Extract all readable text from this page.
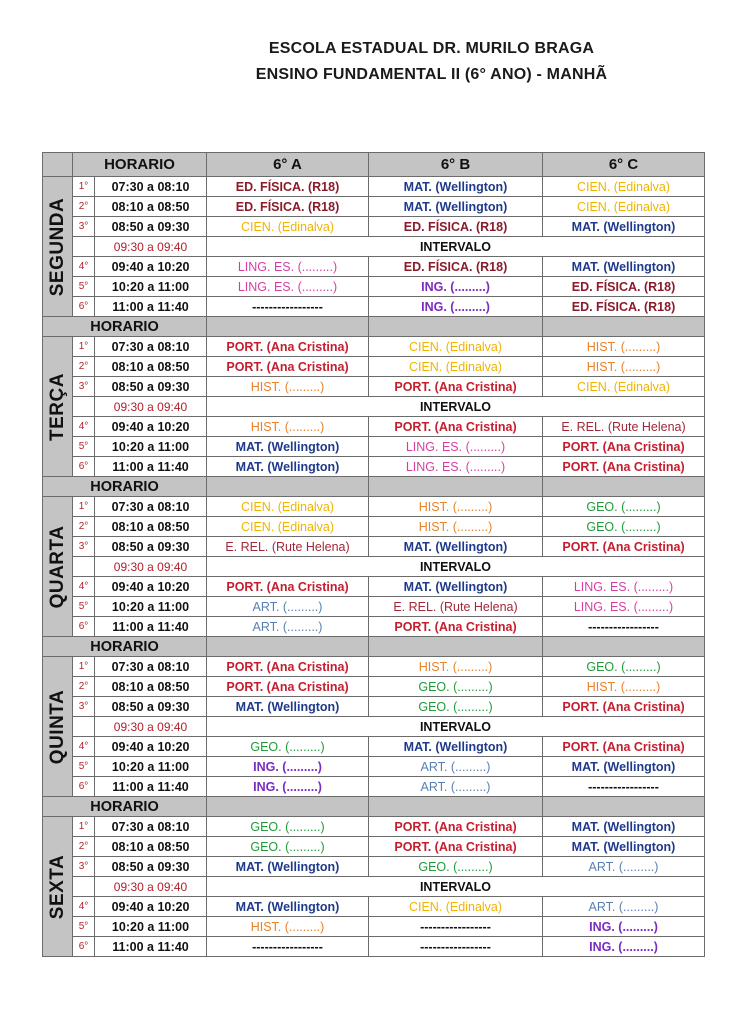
ESCOLA ESTADUAL DR. MURILO BRAGA
ENSINO FUNDAMENTAL II (6° ANO) - MANHÃ
	HORARIO		6° A	6° B	6° C

SEGUNDA	1°	07:30 a 08:10	ED. FÍSICA. (R18)	MAT. (Wellington)	CIEN. (Edinalva)
	2°	08:10 a 08:50	ED. FÍSICA. (R18)	MAT. (Wellington)	CIEN. (Edinalva)
	3°	08:50 a 09:30	CIEN. (Edinalva)	ED. FÍSICA. (R18)	MAT. (Wellington)
		09:30 a 09:40	INTERVALO		
	4°	09:40 a 10:20	LING. ES. (.........)	ED. FÍSICA. (R18)	MAT. (Wellington)
	5°	10:20 a 11:00	LING. ES. (.........)	ING. (.........)	ED. FÍSICA. (R18)
	6°	11:00 a 11:40	-----------------	ING. (.........)	ED. FÍSICA. (R18)
HORARIO					

TERÇA	1°	07:30 a 08:10	PORT. (Ana Cristina)	CIEN. (Edinalva)	HIST. (.........)
	2°	08:10 a 08:50	PORT. (Ana Cristina)	CIEN. (Edinalva)	HIST. (.........)
	3°	08:50 a 09:30	HIST. (.........)	PORT. (Ana Cristina)	CIEN. (Edinalva)
		09:30 a 09:40	INTERVALO		
	4°	09:40 a 10:20	HIST. (.........)	PORT. (Ana Cristina)	E. REL. (Rute Helena)
	5°	10:20 a 11:00	MAT. (Wellington)	LING. ES. (.........)	PORT. (Ana Cristina)
	6°	11:00 a 11:40	MAT. (Wellington)	LING. ES. (.........)	PORT. (Ana Cristina)
HORARIO					

QUARTA	1°	07:30 a 08:10	CIEN. (Edinalva)	HIST. (.........)	GEO. (.........)
	2°	08:10 a 08:50	CIEN. (Edinalva)	HIST. (.........)	GEO. (.........)
	3°	08:50 a 09:30	E. REL. (Rute Helena)	MAT. (Wellington)	PORT. (Ana Cristina)
		09:30 a 09:40	INTERVALO		
	4°	09:40 a 10:20	PORT. (Ana Cristina)	MAT. (Wellington)	LING. ES. (.........)
	5°	10:20 a 11:00	ART. (.........)	E. REL. (Rute Helena)	LING. ES. (.........)
	6°	11:00 a 11:40	ART. (.........)	PORT. (Ana Cristina)	-----------------
HORARIO					

QUINTA	1°	07:30 a 08:10	PORT. (Ana Cristina)	HIST. (.........)	GEO. (.........)
	2°	08:10 a 08:50	PORT. (Ana Cristina)	GEO. (.........)	HIST. (.........)
	3°	08:50 a 09:30	MAT. (Wellington)	GEO. (.........)	PORT. (Ana Cristina)
		09:30 a 09:40	INTERVALO		
	4°	09:40 a 10:20	GEO. (.........)	MAT. (Wellington)	PORT. (Ana Cristina)
	5°	10:20 a 11:00	ING. (.........)	ART. (.........)	MAT. (Wellington)
	6°	11:00 a 11:40	ING. (.........)	ART. (.........)	-----------------
HORARIO					

SEXTA	1°	07:30 a 08:10	GEO. (.........)	PORT. (Ana Cristina)	MAT. (Wellington)
	2°	08:10 a 08:50	GEO. (.........)	PORT. (Ana Cristina)	MAT. (Wellington)
	3°	08:50 a 09:30	MAT. (Wellington)	GEO. (.........)	ART. (.........)
		09:30 a 09:40	INTERVALO		
	4°	09:40 a 10:20	MAT. (Wellington)	CIEN. (Edinalva)	ART. (.........)
	5°	10:20 a 11:00	HIST. (.........)	-----------------	ING. (.........)
	6°	11:00 a 11:40	-----------------	-----------------	ING. (.........)
